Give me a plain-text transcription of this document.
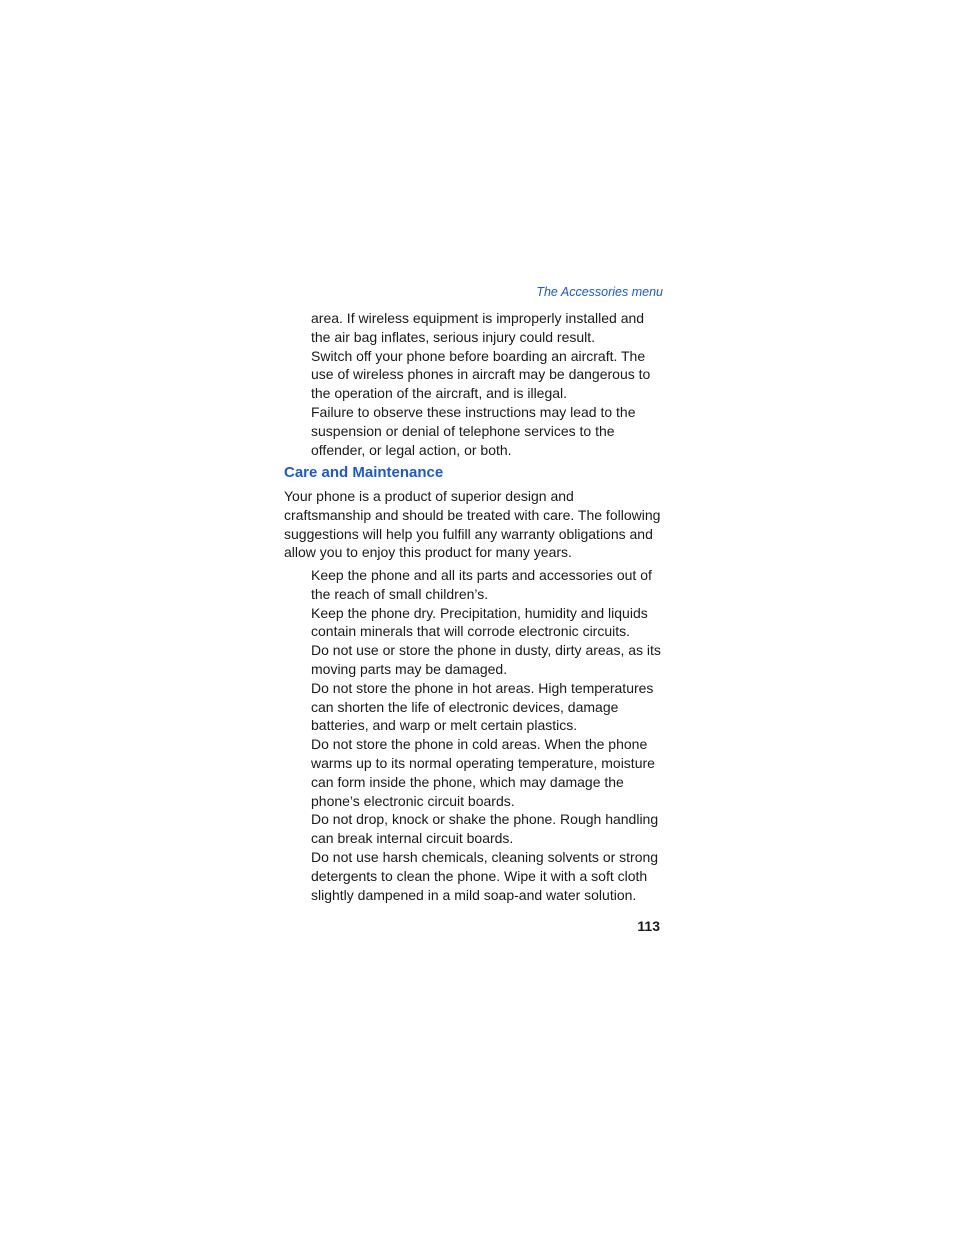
The Accessories menu

area. If wireless equipment is improperly installed and the air bag inflates, serious injury could result.

Switch off your phone before boarding an aircraft. The use of wireless phones in aircraft may be dangerous to the operation of the aircraft, and is illegal.

Failure to observe these instructions may lead to the suspension or denial of telephone services to the offender, or legal action, or both.

Care and Maintenance

Your phone is a product of superior design and craftsmanship and should be treated with care. The following suggestions will help you fulfill any warranty obligations and allow you to enjoy this product for many years.

Keep the phone and all its parts and accessories out of the reach of small children’s.

Keep the phone dry. Precipitation, humidity and liquids contain minerals that will corrode electronic circuits.

Do not use or store the phone in dusty, dirty areas, as its moving parts may be damaged.

Do not store the phone in hot areas. High temperatures can shorten the life of electronic devices, damage batteries, and warp or melt certain plastics.

Do not store the phone in cold areas. When the phone warms up to its normal operating temperature, moisture can form inside the phone, which may damage the phone’s electronic circuit boards.

Do not drop, knock or shake the phone. Rough handling can break internal circuit boards.

Do not use harsh chemicals, cleaning solvents or strong detergents to clean the phone. Wipe it with a soft cloth slightly dampened in a mild soap-and water solution.

113
